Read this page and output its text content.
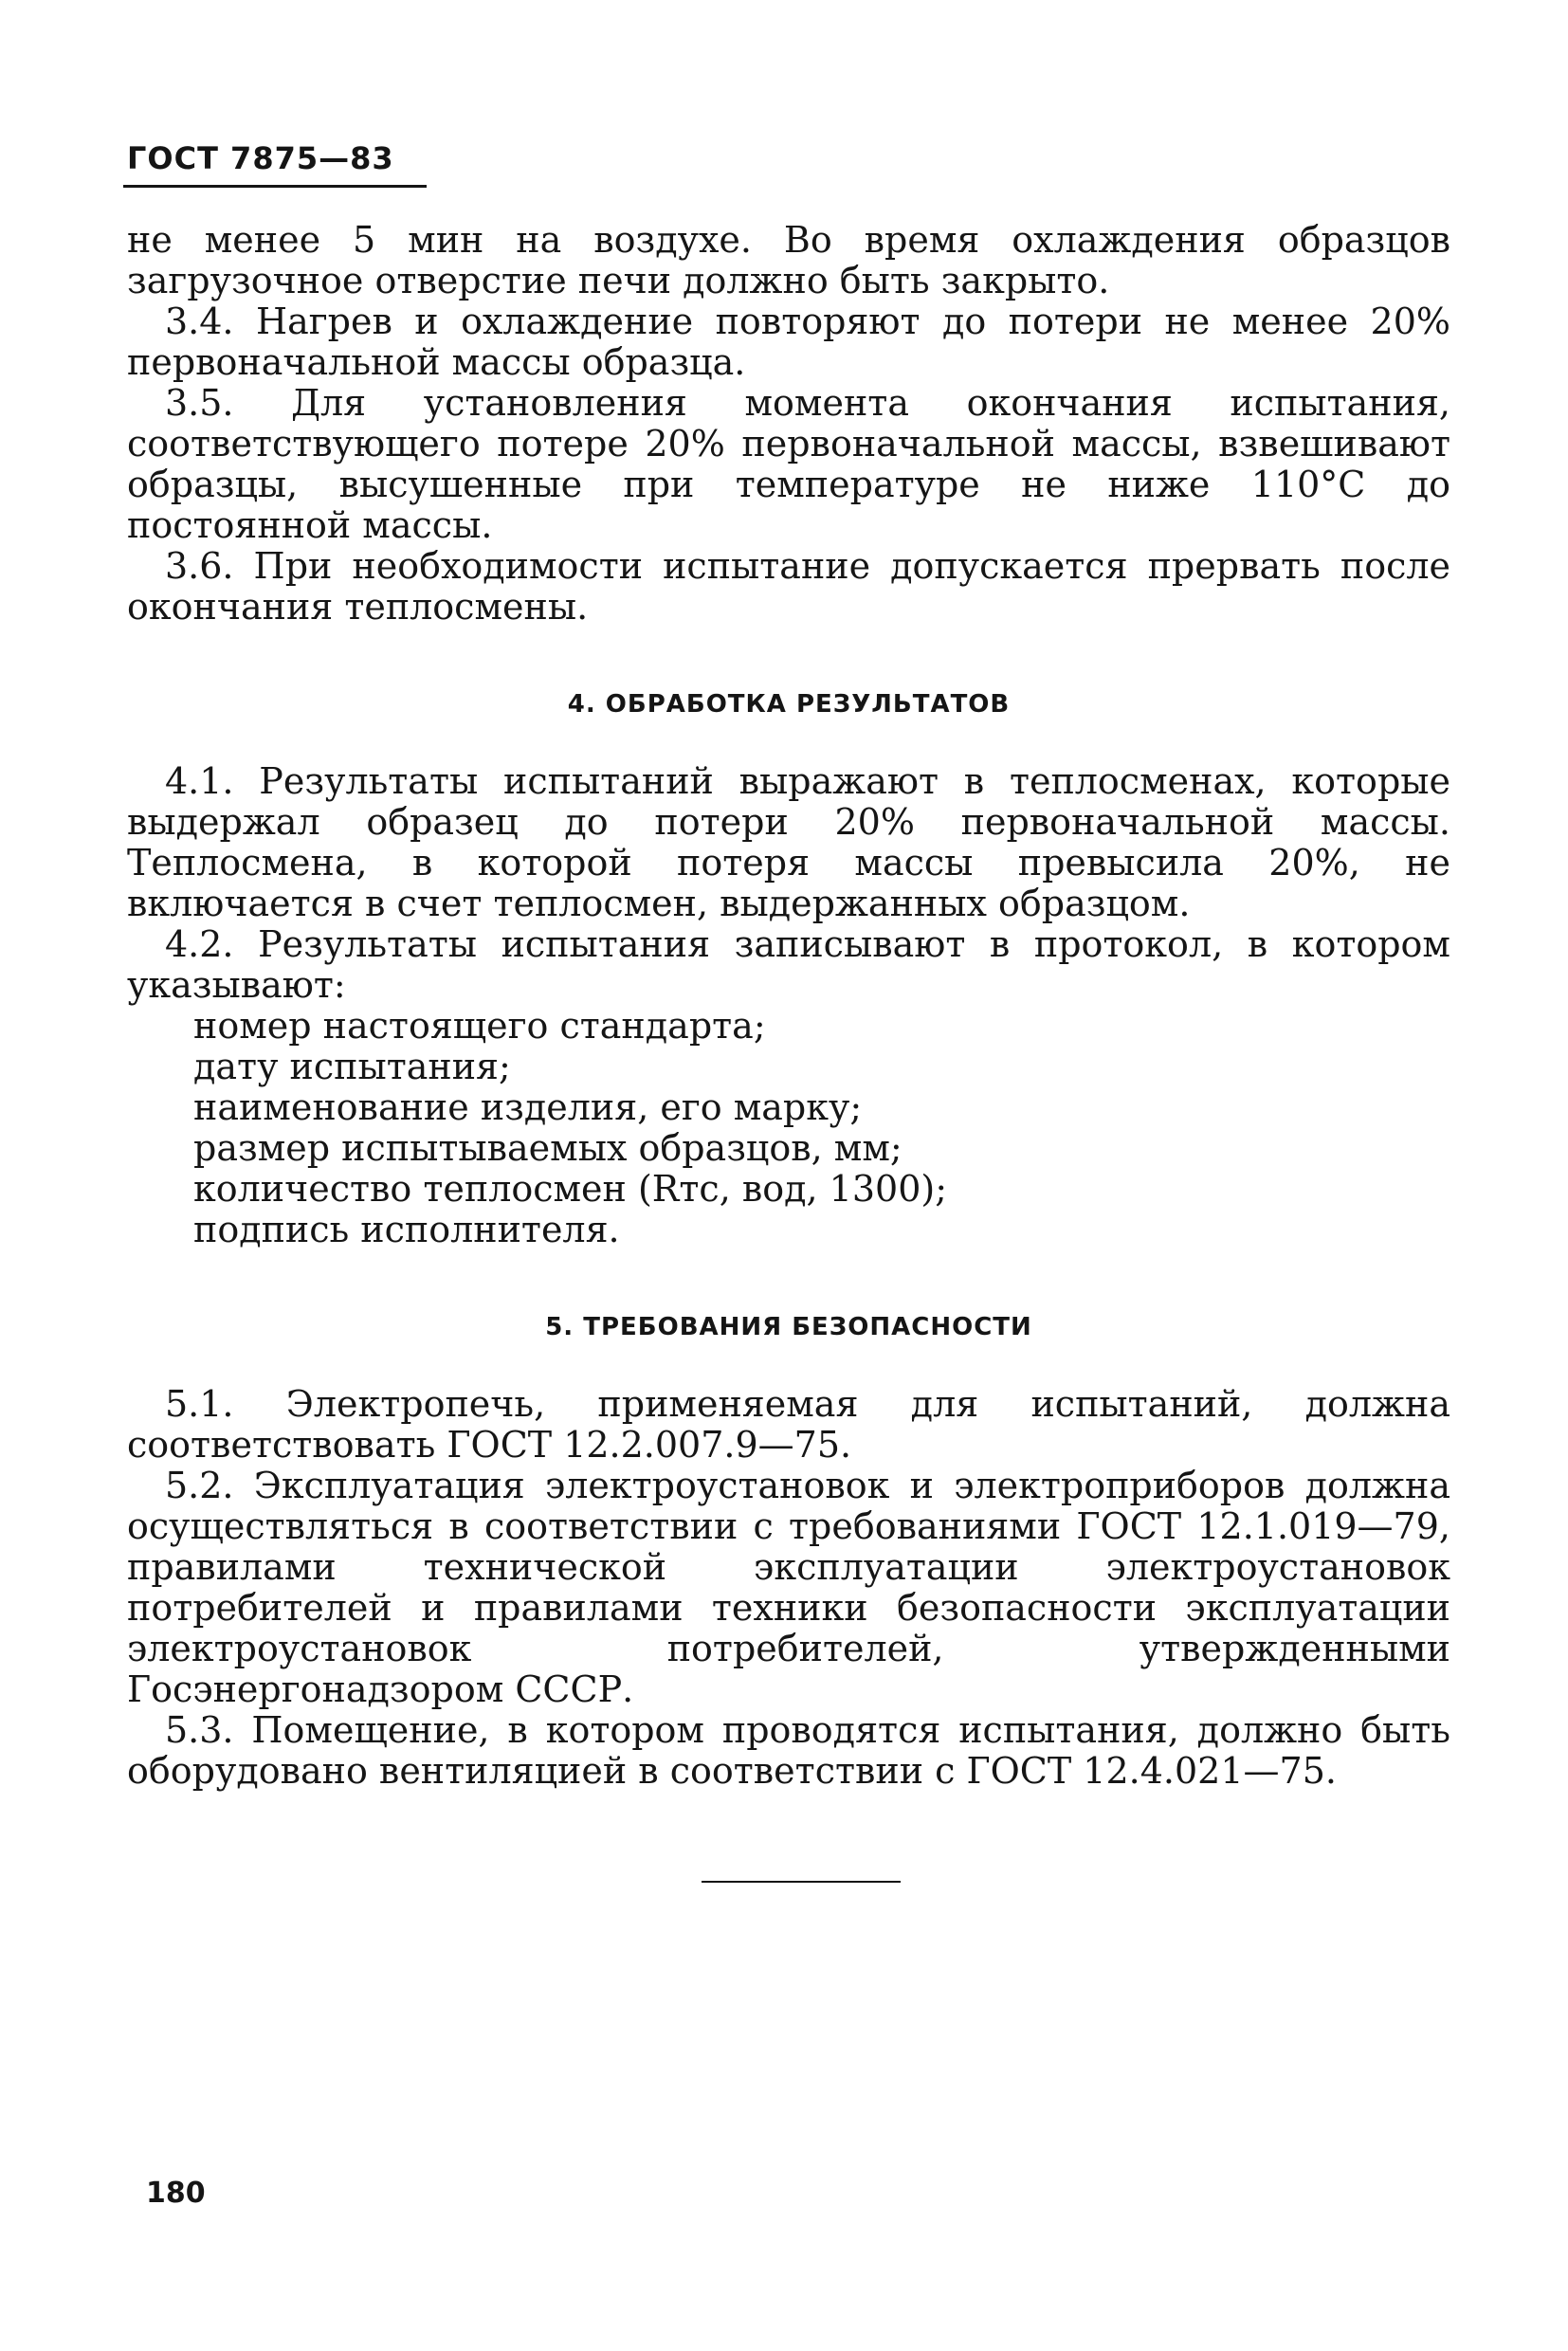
ГОСТ 7875—83

не менее 5 мин на воздухе. Во время охлаждения образцов загрузочное отверстие печи должно быть закрыто.

3.4. Нагрев и охлаждение повторяют до потери не менее 20% первоначальной массы образца.

3.5. Для установления момента окончания испытания, соответствующего потере 20% первоначальной массы, взвешивают образцы, высушенные при температуре не ниже 110°С до постоянной массы.

3.6. При необходимости испытание допускается прервать после окончания теплосмены.

4. ОБРАБОТКА РЕЗУЛЬТАТОВ

4.1. Результаты испытаний выражают в теплосменах, которые выдержал образец до потери 20% первоначальной массы. Теплосмена, в которой потеря массы превысила 20%, не включается в счет теплосмен, выдержанных образцом.

4.2. Результаты испытания записывают в протокол, в котором указывают:

номер настоящего стандарта;
дату испытания;
наименование изделия, его марку;
размер испытываемых образцов, мм;
количество теплосмен (Rтс, вод, 1300);
подпись исполнителя.
5. ТРЕБОВАНИЯ БЕЗОПАСНОСТИ

5.1. Электропечь, применяемая для испытаний, должна соответствовать ГОСТ 12.2.007.9—75.

5.2. Эксплуатация электроустановок и электроприборов должна осуществляться в соответствии с требованиями ГОСТ 12.1.019—79, правилами технической эксплуатации электроустановок потребителей и правилами техники безопасности эксплуатации электроустановок потребителей, утвержденными Госэнергонадзором СССР.

5.3. Помещение, в котором проводятся испытания, должно быть оборудовано вентиляцией в соответствии с ГОСТ 12.4.021—75.

180
